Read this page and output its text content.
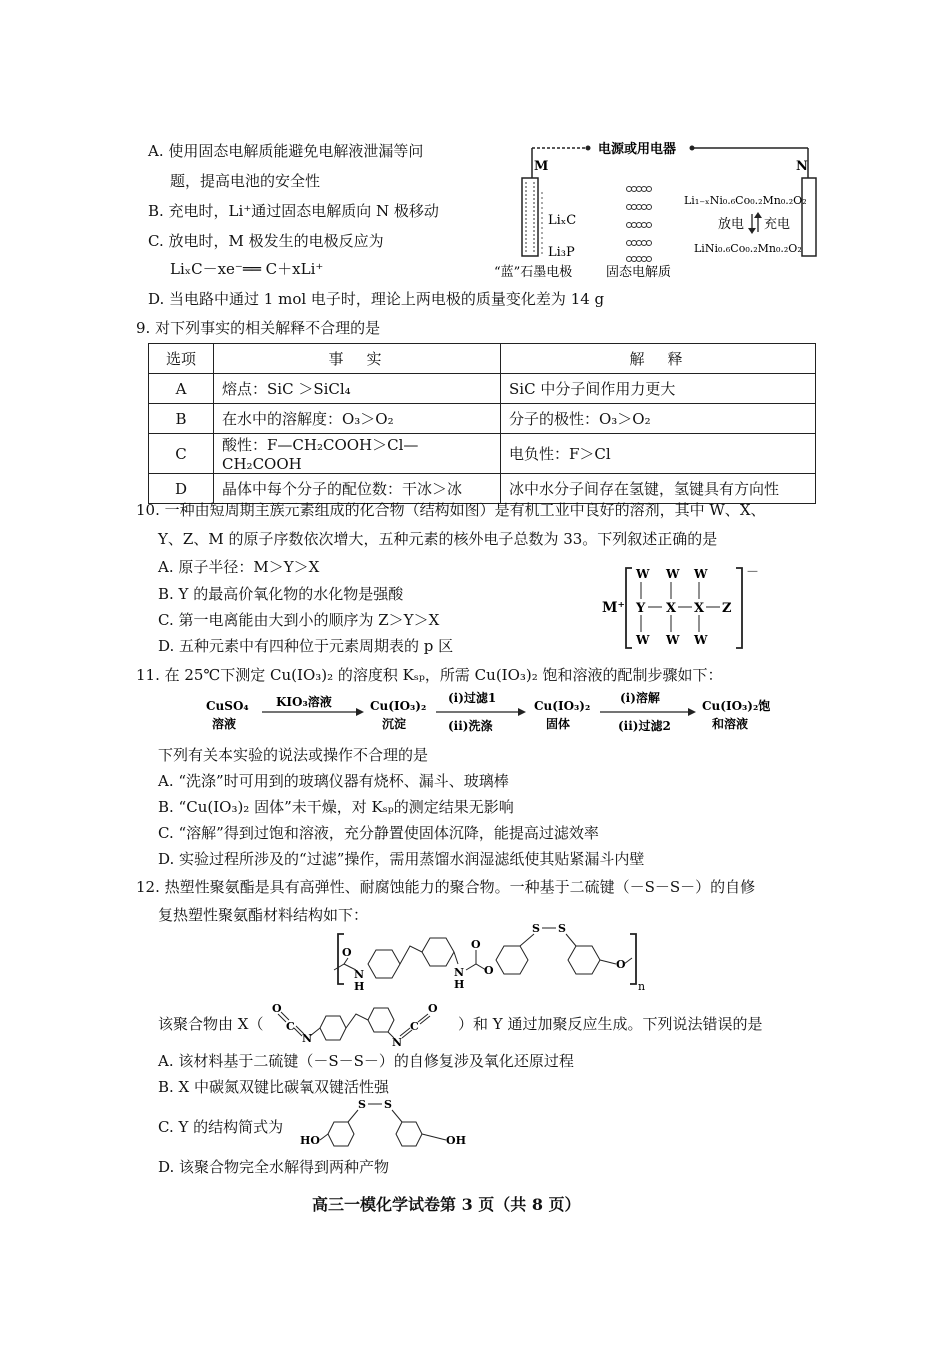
A. 使用固态电解质能避免电解液泄漏等问
题，提高电池的安全性
B. 充电时，Li⁺通过固态电解质向 N 极移动
C. 放电时，M 极发生的电极反应为
LiₓC－xe⁻══ C＋xLi⁺
D. 当电路中通过 1 mol 电子时，理论上两电极的质量变化差为 14 g
电源或用电器
M	N
LiₓC
Li₃P
Li₁₋ₓNi₀.₆Co₀.₂Mn₀.₂O₂
放电 充电
LiNi₀.₆Co₀.₂Mn₀.₂O₂
“蓝”石墨电极	固态电解质
9. 对下列事实的相关解释不合理的是
选项	事　实	解　释
A	熔点：SiC ＞SiCl₄	SiC 中分子间作用力更大
B	在水中的溶解度：O₃＞O₂	分子的极性：O₃＞O₂
C	酸性：F—CH₂COOH＞Cl—CH₂COOH	电负性：F＞Cl
D	晶体中每个分子的配位数：干冰＞冰	冰中水分子间存在氢键，氢键具有方向性
10. 一种由短周期主族元素组成的化合物（结构如图）是有机工业中良好的溶剂，其中 W、X、
Y、Z、M 的原子序数依次增大，五种元素的核外电子总数为 33。下列叙述正确的是
A. 原子半径：M＞Y＞X
B. Y 的最高价氧化物的水化物是强酸
C. 第一电离能由大到小的顺序为 Z＞Y＞X
D. 五种元素中有四种位于元素周期表的 p 区
M⁺
－
W W W
W W W
Y X X Z
11. 在 25℃下测定 Cu(IO₃)₂ 的溶度积 Kₛₚ，所需 Cu(IO₃)₂ 饱和溶液的配制步骤如下：
CuSO₄
溶液
KIO₃溶液	Cu(IO₃)₂
沉淀
(i)过滤1
(ii)洗涤
Cu(IO₃)₂
固体
(i)溶解
(ii)过滤2
Cu(IO₃)₂饱
和溶液
下列有关本实验的说法或操作不合理的是
A. “洗涤”时可用到的玻璃仪器有烧杯、漏斗、玻璃棒
B. “Cu(IO₃)₂ 固体”未干燥，对 Kₛₚ的测定结果无影响
C. “溶解”得到过饱和溶液，充分静置使固体沉降，能提高过滤效率
D. 实验过程所涉及的“过滤”操作，需用蒸馏水润湿滤纸使其贴紧漏斗内壁
12. 热塑性聚氨酯是具有高弹性、耐腐蚀能力的聚合物。一种基于二硫键（－S－S－）的自修
复热塑性聚氨酯材料结构如下：
n
O
N
H
N
H
O
O
S S
O
该聚合物由 X（
O
C
N	N
C
O
）和 Y 通过加聚反应生成。下列说法错误的是
A. 该材料基于二硫键（－S－S－）的自修复涉及氧化还原过程
B. X 中碳氮双键比碳氧双键活性强
C. Y 的结构简式为
HO
S S
OH
D. 该聚合物完全水解得到两种产物
高三一模化学试卷第 3 页（共 8 页）
